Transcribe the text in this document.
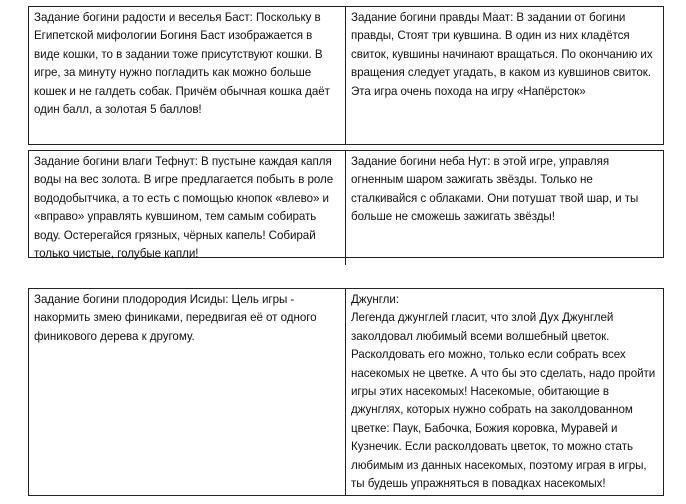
Задание богини радости и веселья Баст: Поскольку в Египетской мифологии Богиня Баст изображается в виде кошки, то в задании тоже присутствуют кошки. В игре, за минуту нужно погладить как можно больше кошек и не галдеть собак. Причём обычная кошка даёт один балл, а золотая 5 баллов!

Задание богини правды Маат: В задании от богини правды, Стоят три кувшина. В один из них кладётся свиток, кувшины начинают вращаться. По окончанию их вращения следует угадать, в каком из кувшинов свиток. Эта игра очень похода на игру «Напёрсток»

Задание богини влаги Тефнут: В пустыне каждая капля воды на вес золота. В игре предлагается побыть в роле вододобытчика, а то есть с помощью кнопок «влево» и «вправо» управлять кувшином, тем самым собирать воду. Остерегайся грязных, чёрных капель! Собирай только чистые, голубые капли!

Задание богини неба Нут: в этой игре, управляя огненным шаром зажигать звёзды. Только не сталкивайся с облаками. Они потушат твой шар, и ты больше не сможешь зажигать звёзды!

Задание богини плодородия Исиды: Цель игры - накормить змею финиками, передвигая её от одного финикового дерева к другому.

Джунгли:
Легенда джунглей гласит, что злой Дух Джунглей заколдовал любимый всеми волшебный цветок. Расколдовать его можно, только если собрать всех насекомых не цветке. А что бы это сделать, надо пройти игры этих насекомых! Насекомые, обитающие в джунглях, которых нужно собрать на заколдованном цветке: Паук, Бабочка, Божия коровка, Муравей и Кузнечик. Если расколдовать цветок, то можно стать любимым из данных насекомых, поэтому играя в игры, ты будешь упражняться в повадках насекомых!
